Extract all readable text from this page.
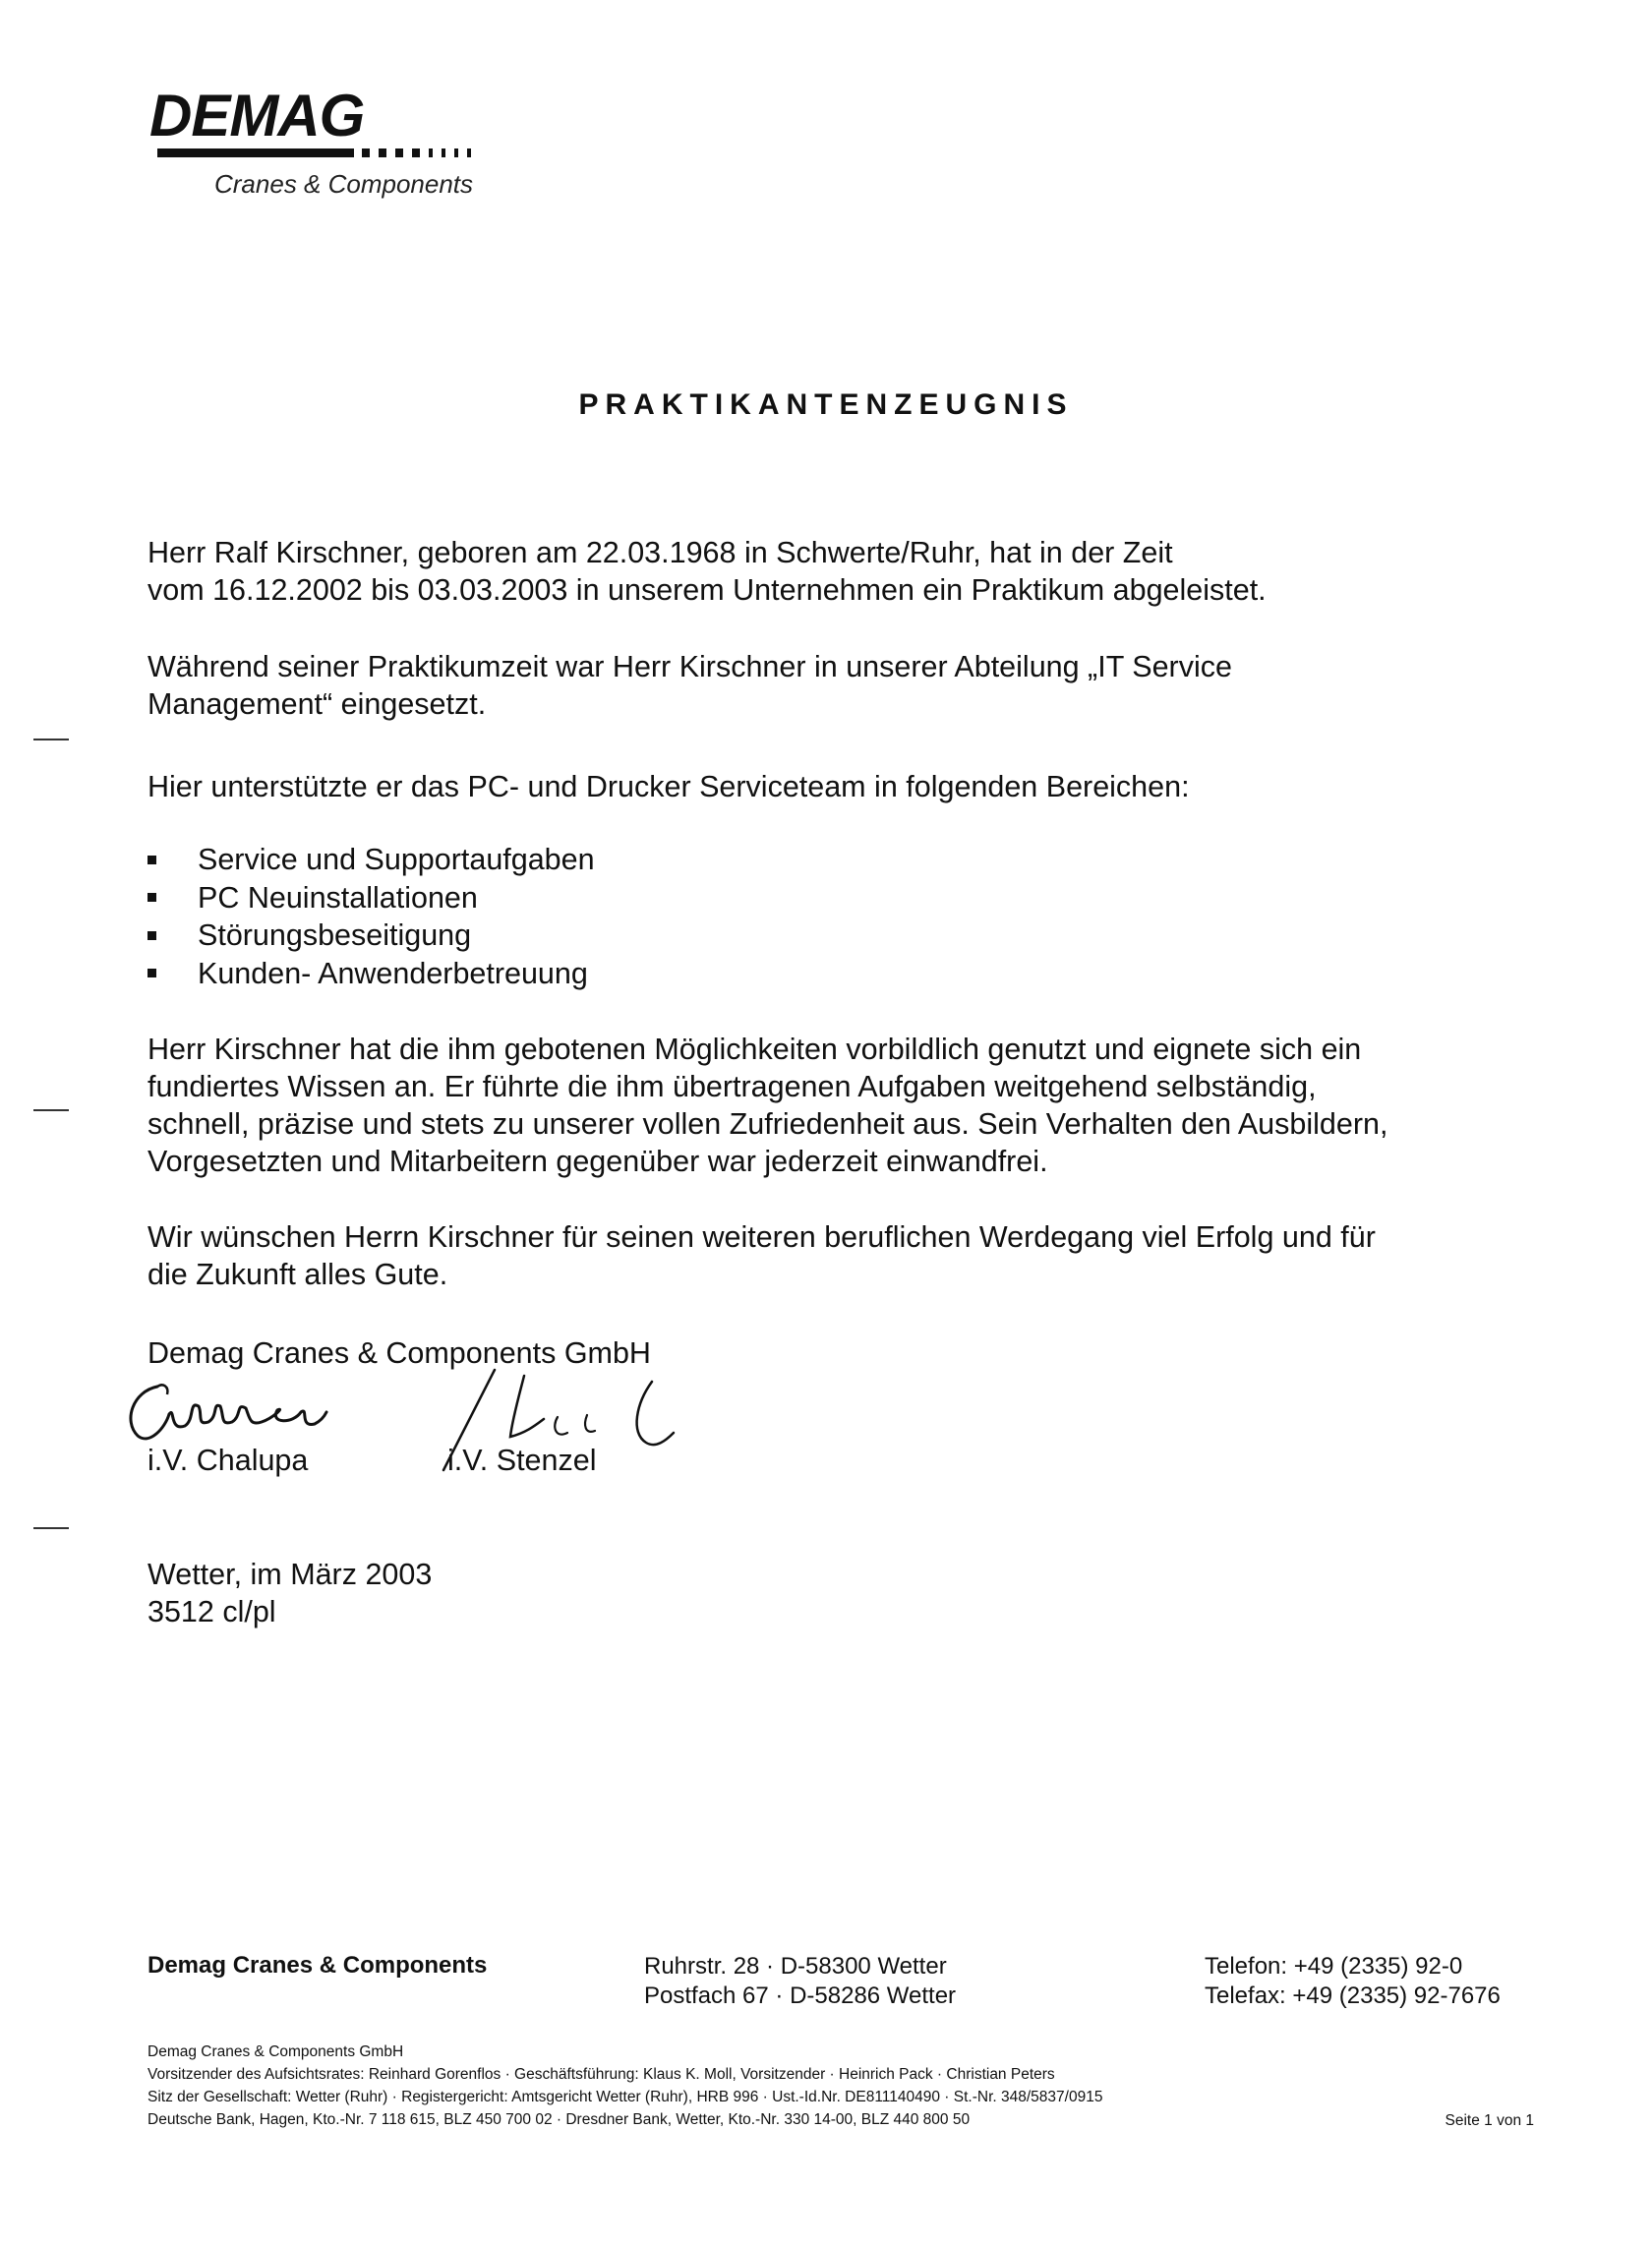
DEMAG
Cranes & Components
PRAKTIKANTENZEUGNIS

Herr Ralf Kirschner, geboren am 22.03.1968 in Schwerte/Ruhr, hat in der Zeit

vom 16.12.2002 bis 03.03.2003 in unserem Unternehmen ein Praktikum abgeleistet.

Während seiner Praktikumzeit war Herr Kirschner in unserer Abteilung „IT Service

Management“ eingesetzt.

Hier unterstützte er das PC- und Drucker Serviceteam in folgenden Bereichen:

Service und Supportaufgaben
PC Neuinstallationen
Störungsbeseitigung
Kunden- Anwenderbetreuung

Herr Kirschner hat die ihm gebotenen Möglichkeiten vorbildlich genutzt und eignete sich ein

fundiertes Wissen an. Er führte die ihm übertragenen Aufgaben weitgehend selbständig,

schnell, präzise und stets zu unserer vollen Zufriedenheit aus. Sein Verhalten den Ausbildern,

Vorgesetzten und Mitarbeitern gegenüber war jederzeit einwandfrei.

Wir wünschen Herrn Kirschner für seinen weiteren beruflichen Werdegang viel Erfolg und für

die Zukunft alles Gute.

Demag Cranes & Components GmbH
i.V. Chalupa	i.V. Stenzel
Wetter, im März 2003
3512 cl/pl
Demag Cranes & Components	Ruhrstr. 28 · D-58300 Wetter
Postfach 67 · D-58286 Wetter
Telefon: +49 (2335) 92-0
Telefax: +49 (2335) 92-7676
Demag Cranes & Components GmbH
Vorsitzender des Aufsichtsrates: Reinhard Gorenflos · Geschäftsführung: Klaus K. Moll, Vorsitzender · Heinrich Pack · Christian Peters
Sitz der Gesellschaft: Wetter (Ruhr) · Registergericht: Amtsgericht Wetter (Ruhr), HRB 996 · Ust.-Id.Nr. DE811140490 · St.-Nr. 348/5837/0915
Deutsche Bank, Hagen, Kto.-Nr. 7 118 615, BLZ 450 700 02 · Dresdner Bank, Wetter, Kto.-Nr. 330 14-00, BLZ 440 800 50	Seite 1 von 1
